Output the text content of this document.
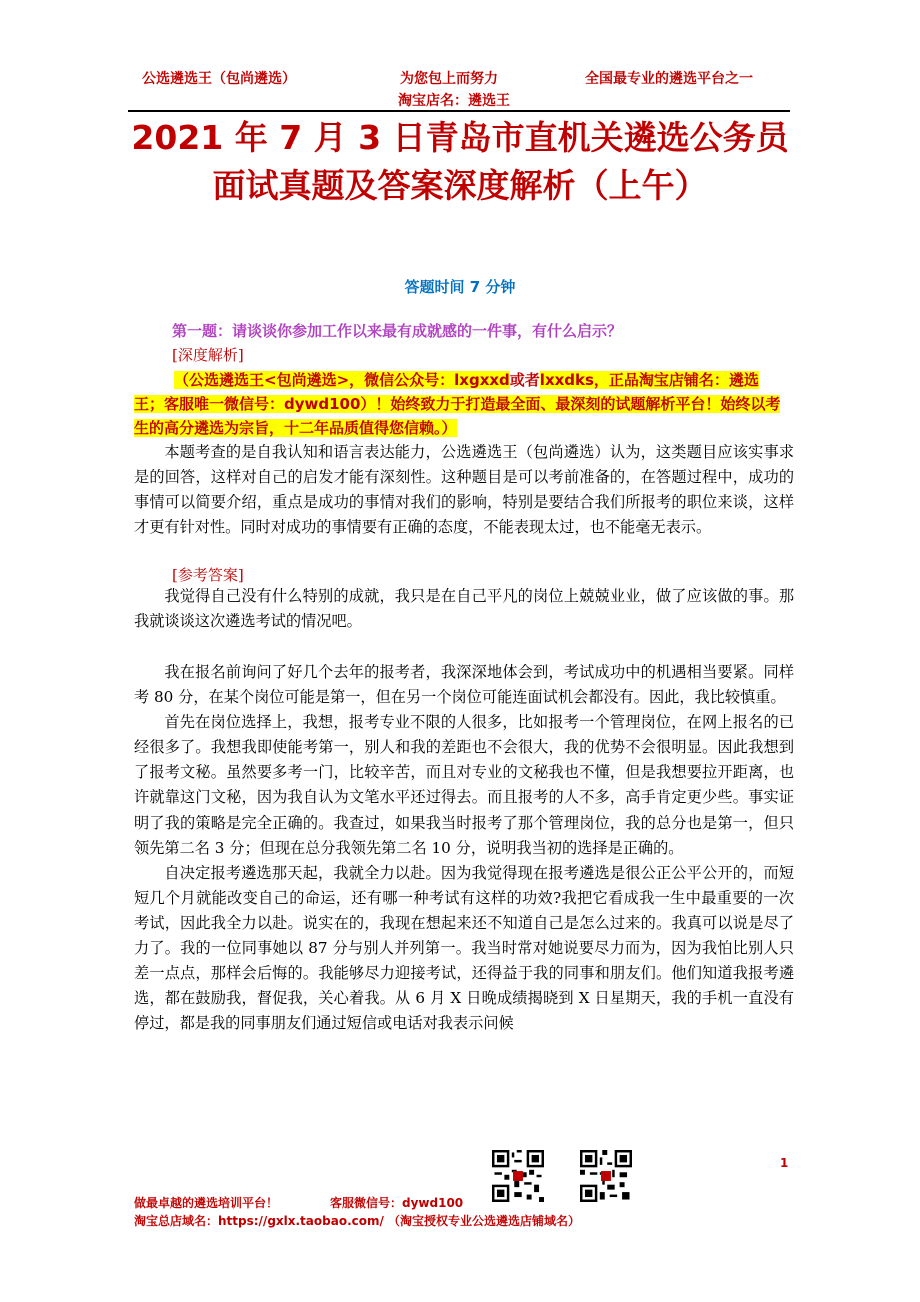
公选遴选王（包尚遴选）	为您包上而努力	全国最专业的遴选平台之一
淘宝店名：遴选王
2021 年 7 月 3 日青岛市直机关遴选公务员
面试真题及答案深度解析（上午）
答题时间 7 分钟
第一题：请谈谈你参加工作以来最有成就感的一件事，有什么启示？
[深度解析]
（公选遴选王<包尚遴选>，微信公众号：lxgxxd或者lxxdks，正品淘宝店铺名：遴选王；客服唯一微信号：dywd100）！始终致力于打造最全面、最深刻的试题解析平台！始终以考生的高分遴选为宗旨，十二年品质值得您信赖。）

本题考查的是自我认知和语言表达能力，公选遴选王（包尚遴选）认为，这类题目应该实事求是的回答，这样对自己的启发才能有深刻性。这种题目是可以考前准备的，在答题过程中，成功的事情可以简要介绍，重点是成功的事情对我们的影响，特别是要结合我们所报考的职位来谈，这样才更有针对性。同时对成功的事情要有正确的态度，不能表现太过，也不能毫无表示。

[参考答案]

我觉得自己没有什么特别的成就，我只是在自己平凡的岗位上兢兢业业，做了应该做的事。那我就谈谈这次遴选考试的情况吧。

我在报名前询问了好几个去年的报考者，我深深地体会到，考试成功中的机遇相当要紧。同样考 80 分，在某个岗位可能是第一，但在另一个岗位可能连面试机会都没有。因此，我比较慎重。

首先在岗位选择上，我想，报考专业不限的人很多，比如报考一个管理岗位，在网上报名的已经很多了。我想我即使能考第一，别人和我的差距也不会很大，我的优势不会很明显。因此我想到了报考文秘。虽然要多考一门，比较辛苦，而且对专业的文秘我也不懂，但是我想要拉开距离，也许就靠这门文秘，因为我自认为文笔水平还过得去。而且报考的人不多，高手肯定更少些。事实证明了我的策略是完全正确的。我查过，如果我当时报考了那个管理岗位，我的总分也是第一，但只领先第二名 3 分；但现在总分我领先第二名 10 分，说明我当初的选择是正确的。

自决定报考遴选那天起，我就全力以赴。因为我觉得现在报考遴选是很公正公平公开的，而短短几个月就能改变自己的命运，还有哪一种考试有这样的功效?我把它看成我一生中最重要的一次考试，因此我全力以赴。说实在的，我现在想起来还不知道自己是怎么过来的。我真可以说是尽了力了。我的一位同事她以 87 分与别人并列第一。我当时常对她说要尽力而为，因为我怕比别人只差一点点，那样会后悔的。我能够尽力迎接考试，还得益于我的同事和朋友们。他们知道我报考遴选，都在鼓励我，督促我，关心着我。从 6 月 X 日晚成绩揭晓到 X 日星期天，我的手机一直没有停过，都是我的同事朋友们通过短信或电话对我表示问候

1
做最卓越的遴选培训平台！	客服微信号：dywd100
淘宝总店域名：https://gxlx.taobao.com/ （淘宝授权专业公选遴选店铺域名）
